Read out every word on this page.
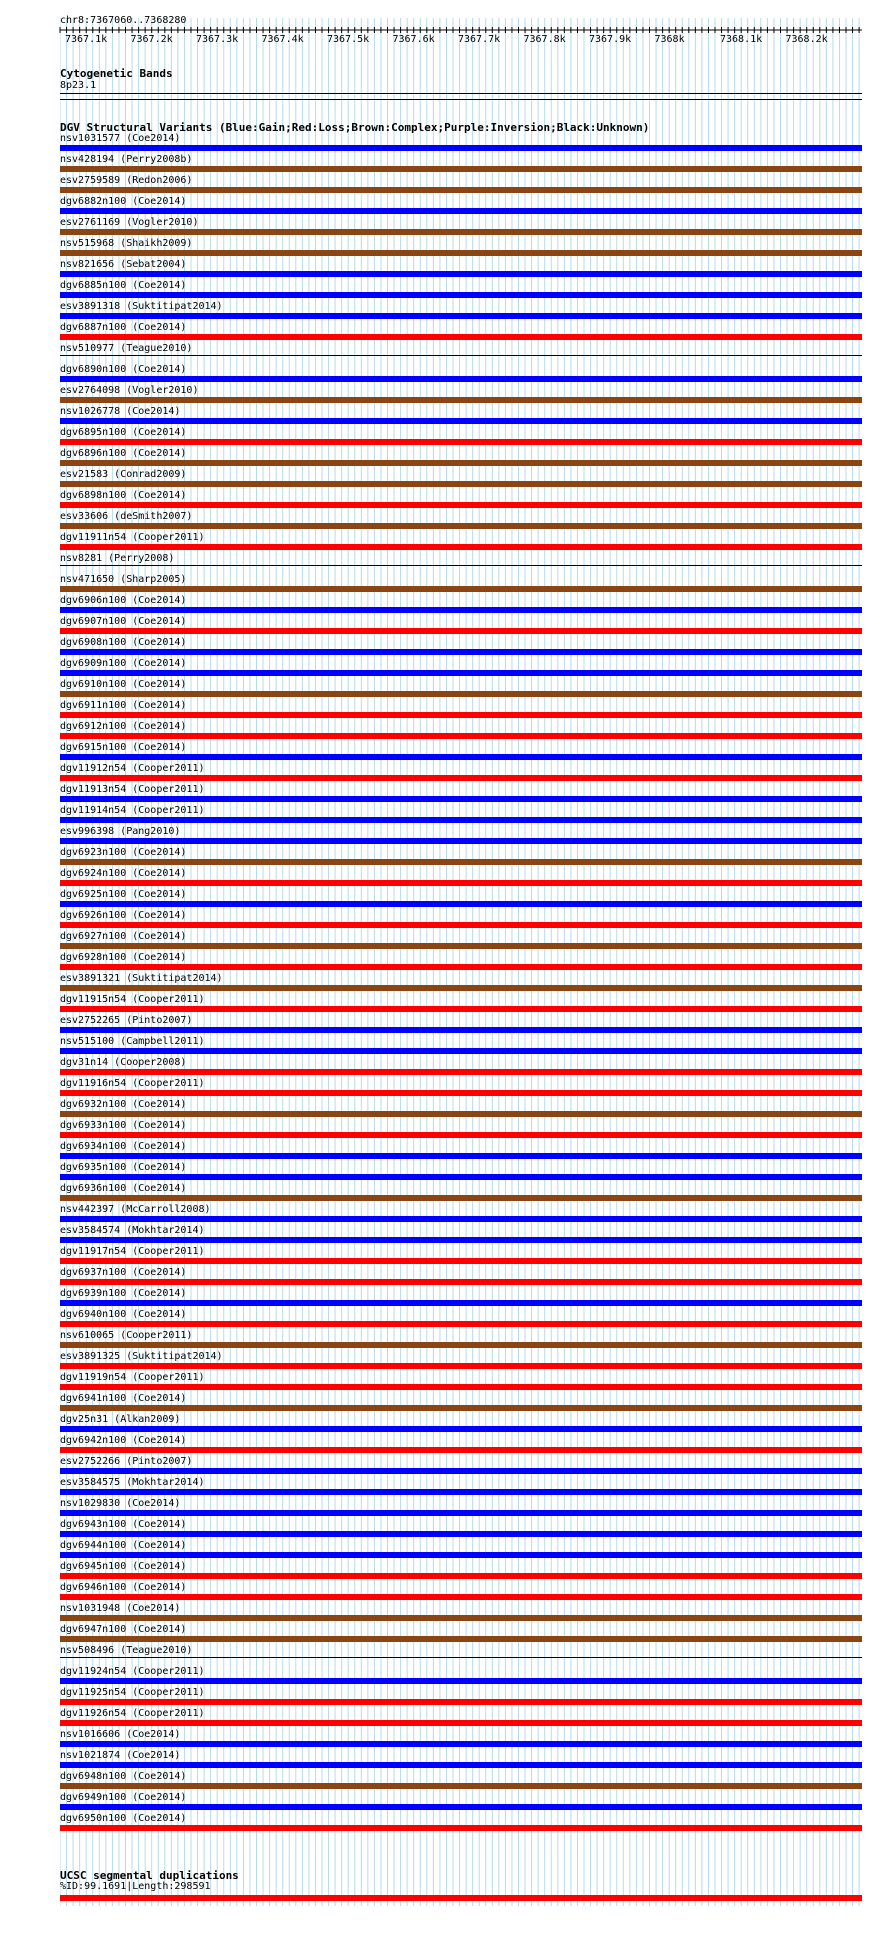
chr8:7367060..7368280
7367.1k 7367.2k 7367.3k 7367.4k 7367.5k 7367.6k 7367.7k 7367.8k 7367.9k 7368k	7368.1k 7368.2k
Cytogenetic Bands
8p23.1
DGV Structural Variants (Blue:Gain;Red:Loss;Brown:Complex;Purple:Inversion;Black:Unknown)
nsv1031577 (Coe2014)
nsv428194 (Perry2008b)
esv2759589 (Redon2006)
dgv6882n100 (Coe2014)
esv2761169 (Vogler2010)
nsv515968 (Shaikh2009)
nsv821656 (Sebat2004)
dgv6885n100 (Coe2014)
esv3891318 (Suktitipat2014)
dgv6887n100 (Coe2014)
nsv510977 (Teague2010)
dgv6890n100 (Coe2014)
esv2764098 (Vogler2010)
nsv1026778 (Coe2014)
dgv6895n100 (Coe2014)
dgv6896n100 (Coe2014)
esv21583 (Conrad2009)
dgv6898n100 (Coe2014)
esv33606 (deSmith2007)
dgv11911n54 (Cooper2011)
nsv8281 (Perry2008)
nsv471650 (Sharp2005)
dgv6906n100 (Coe2014)
dgv6907n100 (Coe2014)
dgv6908n100 (Coe2014)
dgv6909n100 (Coe2014)
dgv6910n100 (Coe2014)
dgv6911n100 (Coe2014)
dgv6912n100 (Coe2014)
dgv6915n100 (Coe2014)
dgv11912n54 (Cooper2011)
dgv11913n54 (Cooper2011)
dgv11914n54 (Cooper2011)
esv996398 (Pang2010)
dgv6923n100 (Coe2014)
dgv6924n100 (Coe2014)
dgv6925n100 (Coe2014)
dgv6926n100 (Coe2014)
dgv6927n100 (Coe2014)
dgv6928n100 (Coe2014)
esv3891321 (Suktitipat2014)
dgv11915n54 (Cooper2011)
esv2752265 (Pinto2007)
nsv515100 (Campbell2011)
dgv31n14 (Cooper2008)
dgv11916n54 (Cooper2011)
dgv6932n100 (Coe2014)
dgv6933n100 (Coe2014)
dgv6934n100 (Coe2014)
dgv6935n100 (Coe2014)
dgv6936n100 (Coe2014)
nsv442397 (McCarroll2008)
esv3584574 (Mokhtar2014)
dgv11917n54 (Cooper2011)
dgv6937n100 (Coe2014)
dgv6939n100 (Coe2014)
dgv6940n100 (Coe2014)
nsv610065 (Cooper2011)
esv3891325 (Suktitipat2014)
dgv11919n54 (Cooper2011)
dgv6941n100 (Coe2014)
dgv25n31 (Alkan2009)
dgv6942n100 (Coe2014)
esv2752266 (Pinto2007)
esv3584575 (Mokhtar2014)
nsv1029830 (Coe2014)
dgv6943n100 (Coe2014)
dgv6944n100 (Coe2014)
dgv6945n100 (Coe2014)
dgv6946n100 (Coe2014)
nsv1031948 (Coe2014)
dgv6947n100 (Coe2014)
nsv508496 (Teague2010)
dgv11924n54 (Cooper2011)
dgv11925n54 (Cooper2011)
dgv11926n54 (Cooper2011)
nsv1016606 (Coe2014)
nsv1021874 (Coe2014)
dgv6948n100 (Coe2014)
dgv6949n100 (Coe2014)
dgv6950n100 (Coe2014)
UCSC segmental duplications
%ID:99.1691|Length:298591
